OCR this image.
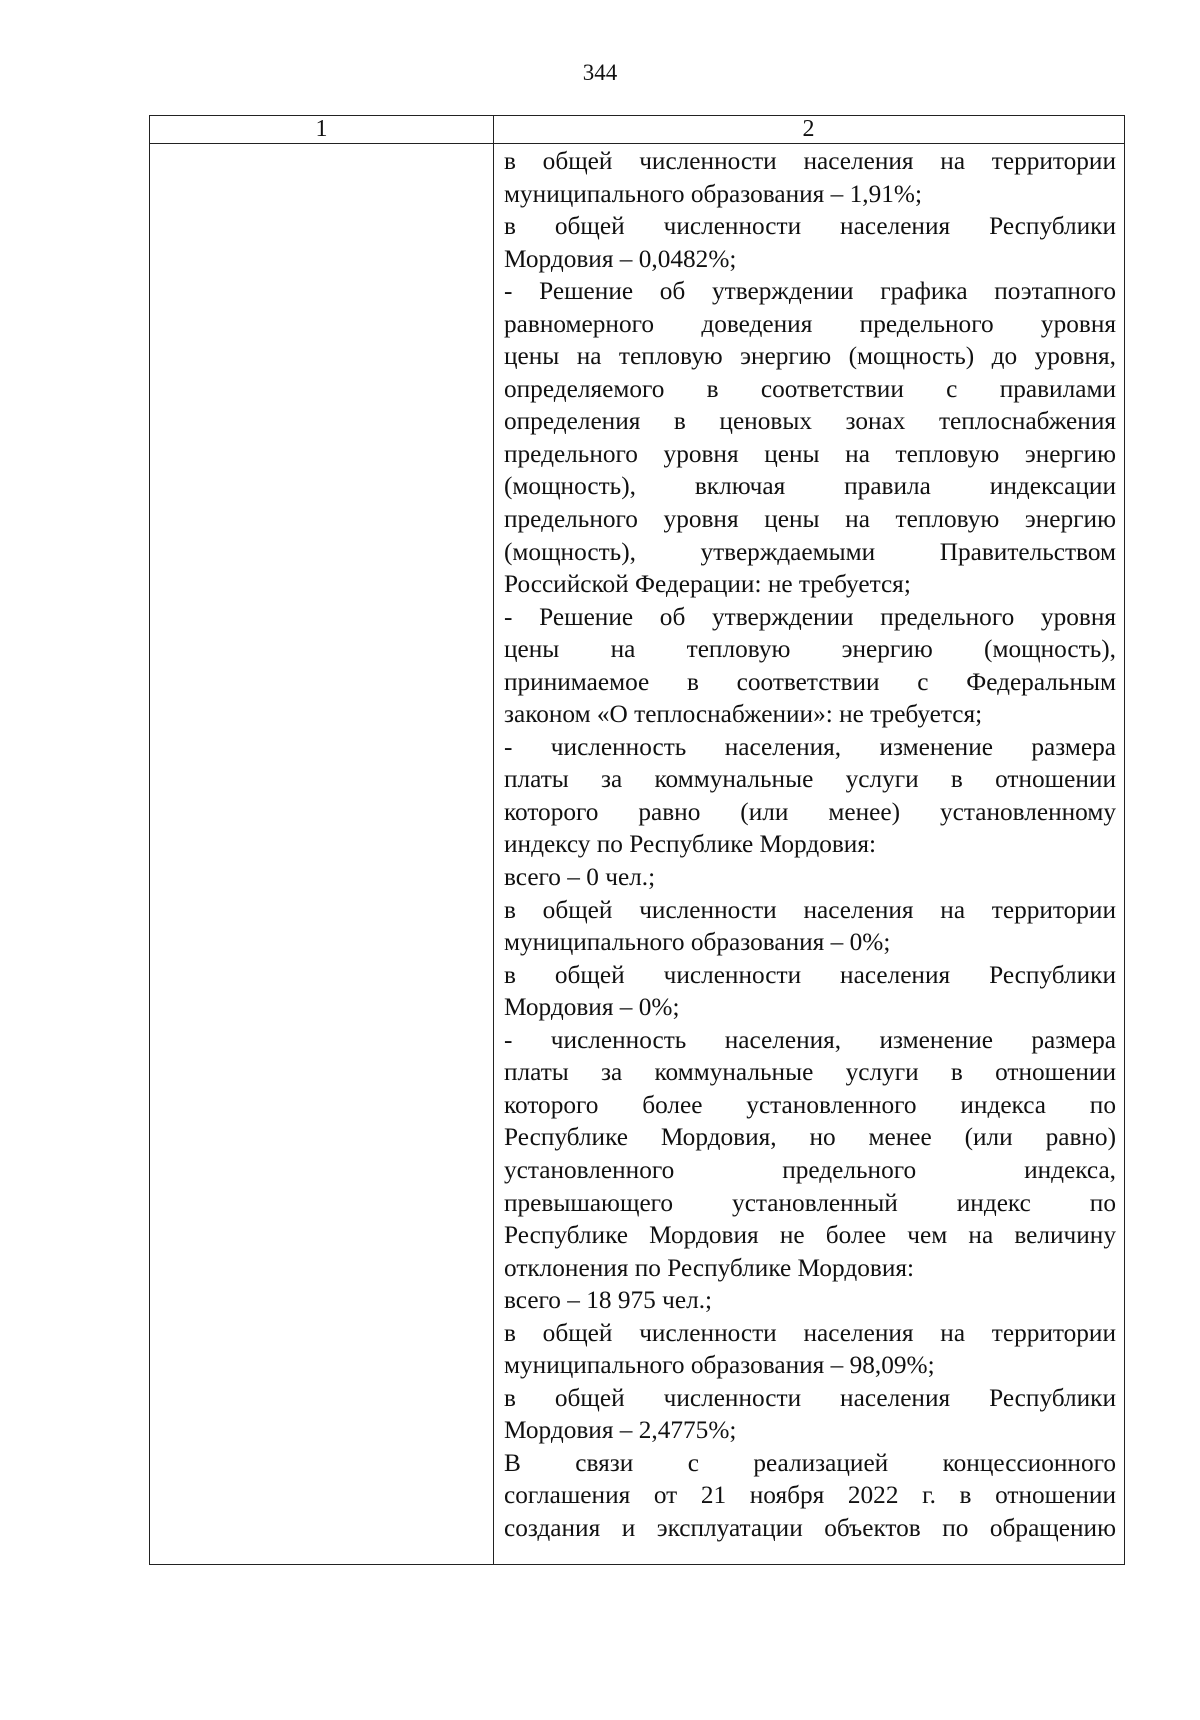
344
1	2
в общей численности населения на территории
муниципального образования – 1,91%;
в общей численности населения Республики
Мордовия – 0,0482%;
- Решение об утверждении графика поэтапного
равномерного доведения предельного уровня
цены на тепловую энергию (мощность) до уровня,
определяемого в соответствии с правилами
определения в ценовых зонах теплоснабжения
предельного уровня цены на тепловую энергию
(мощность), включая правила индексации
предельного уровня цены на тепловую энергию
(мощность), утверждаемыми Правительством
Российской Федерации: не требуется;
- Решение об утверждении предельного уровня
цены на тепловую энергию (мощность),
принимаемое в соответствии с Федеральным
законом «О теплоснабжении»: не требуется;
- численность населения, изменение размера
платы за коммунальные услуги в отношении
которого равно (или менее) установленному
индексу по Республике Мордовия:
всего – 0 чел.;
в общей численности населения на территории
муниципального образования – 0%;
в общей численности населения Республики
Мордовия – 0%;
- численность населения, изменение размера
платы за коммунальные услуги в отношении
которого более установленного индекса по
Республике Мордовия, но менее (или равно)
установленного предельного индекса,
превышающего установленный индекс по
Республике Мордовия не более чем на величину
отклонения по Республике Мордовия:
всего – 18 975 чел.;
в общей численности населения на территории
муниципального образования – 98,09%;
в общей численности населения Республики
Мордовия – 2,4775%;
В связи с реализацией концессионного
соглашения от 21 ноября 2022 г. в отношении
создания и эксплуатации объектов по обращению
